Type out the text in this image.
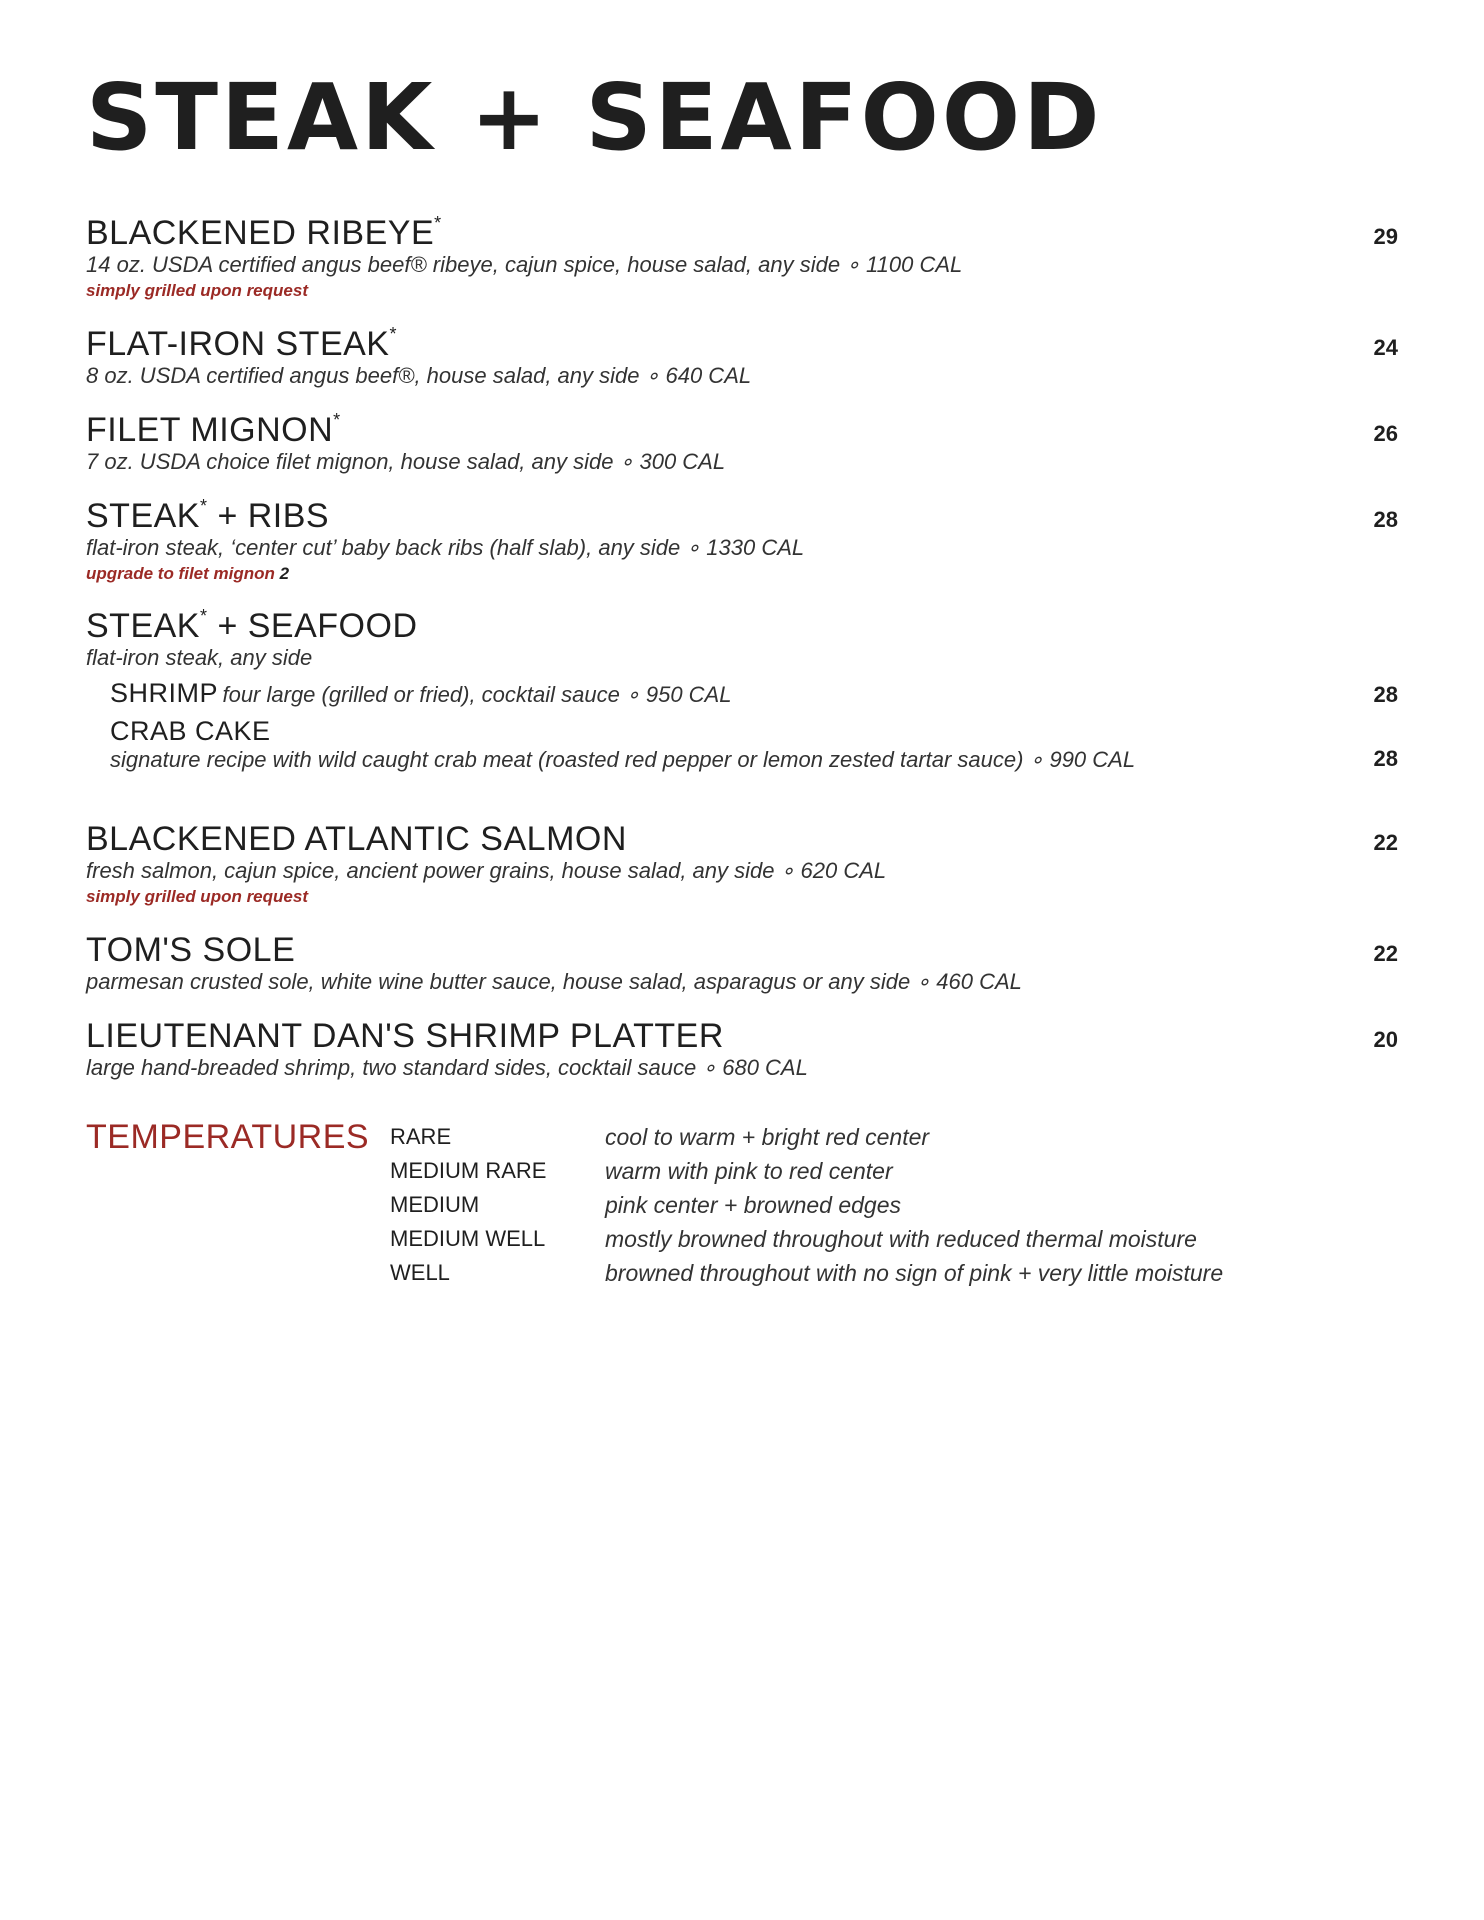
STEAK + SEAFOOD
BLACKENED RIBEYE*
14 oz. USDA certified angus beef® ribeye, cajun spice, house salad, any side ∘ 1100 CAL
simply grilled upon request
29
FLAT-IRON STEAK*
8 oz. USDA certified angus beef®, house salad, any side ∘ 640 CAL
24
FILET MIGNON*
7 oz. USDA choice filet mignon, house salad, any side ∘ 300 CAL
26
STEAK* + RIBS
flat-iron steak, ‘center cut’ baby back ribs (half slab), any side ∘ 1330 CAL
upgrade to filet mignon 2
28
STEAK* + SEAFOOD
flat-iron steak, any side
SHRIMP four large (grilled or fried), cocktail sauce ∘ 950 CAL	28
CRAB CAKE
signature recipe with wild caught crab meat (roasted red pepper or lemon zested tartar sauce) ∘ 990 CAL	28
BLACKENED ATLANTIC SALMON
fresh salmon, cajun spice, ancient power grains, house salad, any side ∘ 620 CAL
simply grilled upon request
22
TOM'S SOLE
parmesan crusted sole, white wine butter sauce, house salad, asparagus or any side ∘ 460 CAL
22
LIEUTENANT DAN'S SHRIMP PLATTER
large hand-breaded shrimp, two standard sides, cocktail sauce ∘ 680 CAL
20
TEMPERATURES RARE	cool to warm + bright red center
MEDIUM RARE	warm with pink to red center
MEDIUM	pink center + browned edges
MEDIUM WELL	mostly browned throughout with reduced thermal moisture
WELL	browned throughout with no sign of pink + very little moisture
